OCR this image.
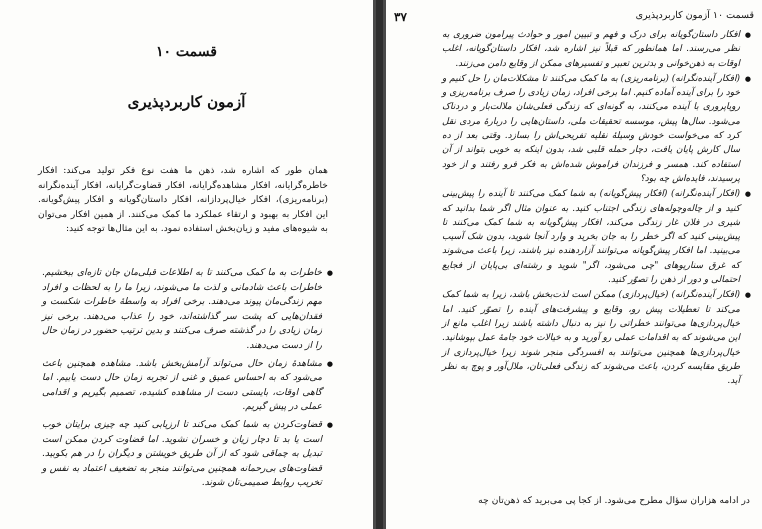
قسمت ۱۰
آزمون کاربردپذیری
همان طور که اشاره شد، ذهن ما هفت نوع فکر تولید می‌کند: افکار خاطره‌گرایانه، افکار مشاهده‌گرایانه، افکار قضاوت‌گرایانه، افکار آینده‌نگرانه (برنامه‌ریزی)، افکار خیال‌پردازانه، افکار داستان‌گویانه و افکار پیش‌گویانه. این افکار به بهبود و ارتقاء عملکرد ما کمک می‌کنند. از همین افکار می‌توان به شیوه‌های مفید و زیان‌بخش استفاده نمود. به این مثال‌ها توجه کنید:
● خاطرات به ما کمک می‌کنند تا به اطلاعات قبلی‌مان جان تازه‌ای ببخشیم. خاطرات باعث شادمانی و لذت ما می‌شوند، زیرا ما را به لحظات و افراد مهم زندگی‌مان پیوند می‌دهند. برخی افراد به واسطهٔ خاطرات شکست و فقدان‌هایی که پشت سر گذاشته‌اند، خود را عذاب می‌دهند. برخی نیز زمان زیادی را در گذشته صرف می‌کنند و بدین ترتیب حضور در زمان حال را از دست می‌دهند.
● مشاهدهٔ زمان حال می‌تواند آرامش‌بخش باشد. مشاهده همچنین باعث می‌شود که به احساس عمیق و غنی از تجربه زمان حال دست یابیم. اما گاهی اوقات، بایستی دست از مشاهده کشیده، تصمیم بگیریم و اقدامی عملی در پیش گیریم.
● قضاوت‌کردن به شما کمک می‌کند تا ارزیابی کنید چه چیزی برایتان خوب است یا بد تا دچار زیان و خسران نشوید. اما قضاوت کردن ممکن است تبدیل به چماقی شود که از آن طریق خویشتن و دیگران را در هم بکوبید. قضاوت‌های بی‌رحمانه همچنین می‌توانند منجر به تضعیف اعتماد به نفس و تخریب روابط صمیمی‌تان شوند.
قسمت ۱۰ آزمون کاربردپذیری
۳۷
● افکار داستان‌گویانه برای درک و فهم و تبیین امور و حوادث پیرامون ضروری به نظر می‌رسند. اما همانطور که قبلاً نیز اشاره شد، افکار داستان‌گویانه، اغلب اوقات به ذهن‌خوانی و بدترین تعبیر و تفسیرهای ممکن از وقایع دامن می‌زنند.
● (افکار آینده‌نگرانه) (برنامه‌ریزی) به ما کمک می‌کنند تا مشکلات‌مان را حل کنیم و خود را برای آینده آماده کنیم. اما برخی افراد، زمان زیادی را صرف برنامه‌ریزی و رویاپروری با آینده می‌کنند، به گونه‌ای که زندگی فعلی‌شان ملالت‌بار و دردناک می‌شود. سال‌ها پیش، موسسه تحقیقات ملی، داستان‌هایی را دربارهٔ مردی نقل کرد که می‌خواست خودش وسیلهٔ نقلیه تفریحی‌اش را بسازد. وقتی بعد از ده سال کارش پایان یافت، دچار حمله قلبی شد، بدون اینکه به خوبی بتواند از آن استفاده کند. همسر و فرزندان فراموش شده‌اش به فکر فرو رفتند و از خود پرسیدند، فایده‌اش چه بود؟
● (افکار آینده‌نگرانه) (افکار پیش‌گویانه) به شما کمک می‌کنند تا آینده را پیش‌بینی کنید و از چاله‌وچوله‌های زندگی اجتناب کنید. به عنوان مثال اگر شما بدانید که شیری در فلان غار زندگی می‌کند، افکار پیش‌گویانه به شما کمک می‌کنند تا پیش‌بینی کنید که اگر خطر را به جان بخرید و وارد آنجا شوید، بدون شک آسیب می‌بینید. اما افکار پیش‌گویانه می‌توانند آزاردهنده نیز باشند، زیرا باعث می‌شوند که غرق سناریوهای "چی می‌شود، اگر" شوید و رشته‌ای بی‌پایان از فجایع احتمالی و دور از ذهن را تصوّر کنید.
● (افکار آینده‌نگرانه) (خیال‌پردازی) ممکن است لذت‌بخش باشد، زیرا به شما کمک می‌کند تا تعطیلات پیش رو، وقایع و پیشرفت‌های آینده را تصوّر کنید. اما خیال‌پردازی‌ها می‌توانند خطراتی را نیز به دنبال داشته باشند زیرا اغلب مانع از این می‌شوند که به اقدامات عملی رو آورید و به خیالات خود جامهٔ عمل بپوشانید. خیال‌پردازی‌ها همچنین می‌توانند به افسردگی منجر شوند زیرا خیال‌پردازی از طریق مقایسه کردن، باعث می‌شوند که زندگی فعلی‌تان، ملال‌آور و پوچ به نظر آید.
در ادامه هزاران سؤال مطرح می‌شود. از کجا پی می‌برید که ذهن‌تان چه
